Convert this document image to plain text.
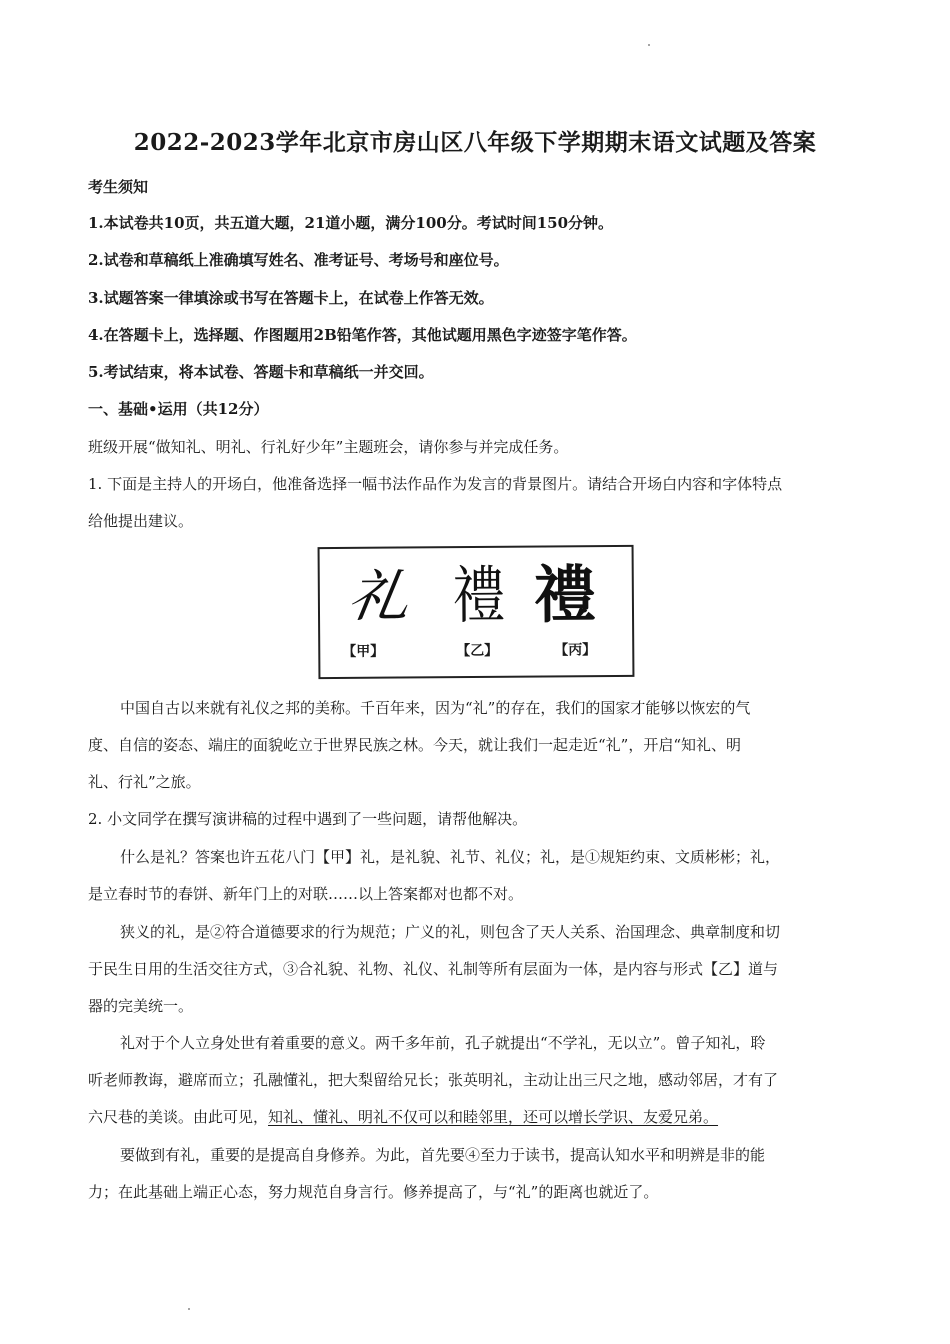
2022-2023学年北京市房山区八年级下学期期末语文试题及答案
考生须知
1.本试卷共10页，共五道大题，21道小题，满分100分。考试时间150分钟。
2.试卷和草稿纸上准确填写姓名、准考证号、考场号和座位号。
3.试题答案一律填涂或书写在答题卡上，在试卷上作答无效。
4.在答题卡上，选择题、作图题用2B铅笔作答，其他试题用黑色字迹签字笔作答。
5.考试结束，将本试卷、答题卡和草稿纸一并交回。
一、基础•运用（共12分）
班级开展“做知礼、明礼、行礼好少年”主题班会，请你参与并完成任务。
1. 下面是主持人的开场白，他准备选择一幅书法作品作为发言的背景图片。请结合开场白内容和字体特点
给他提出建议。
礼 禮 禮
【甲】	【乙】	【丙】
中国自古以来就有礼仪之邦的美称。千百年来，因为“礼”的存在，我们的国家才能够以恢宏的气
度、自信的姿态、端庄的面貌屹立于世界民族之林。今天，就让我们一起走近“礼”，开启“知礼、明
礼、行礼”之旅。
2. 小文同学在撰写演讲稿的过程中遇到了一些问题，请帮他解决。
什么是礼？答案也许五花八门【甲】礼，是礼貌、礼节、礼仪；礼，是①规矩约束、文质彬彬；礼，
是立春时节的春饼、新年门上的对联……以上答案都对也都不对。
狭义的礼，是②符合道德要求的行为规范；广义的礼，则包含了天人关系、治国理念、典章制度和切
于民生日用的生活交往方式，③合礼貌、礼物、礼仪、礼制等所有层面为一体，是内容与形式【乙】道与
器的完美统一。
礼对于个人立身处世有着重要的意义。两千多年前，孔子就提出“不学礼，无以立”。曾子知礼，聆
听老师教诲，避席而立；孔融懂礼，把大梨留给兄长；张英明礼，主动让出三尺之地，感动邻居，才有了
六尺巷的美谈。由此可见，知礼、懂礼、明礼不仅可以和睦邻里，还可以增长学识、友爱兄弟。
要做到有礼，重要的是提高自身修养。为此，首先要④至力于读书，提高认知水平和明辨是非的能
力；在此基础上端正心态，努力规范自身言行。修养提高了，与“礼”的距离也就近了。
